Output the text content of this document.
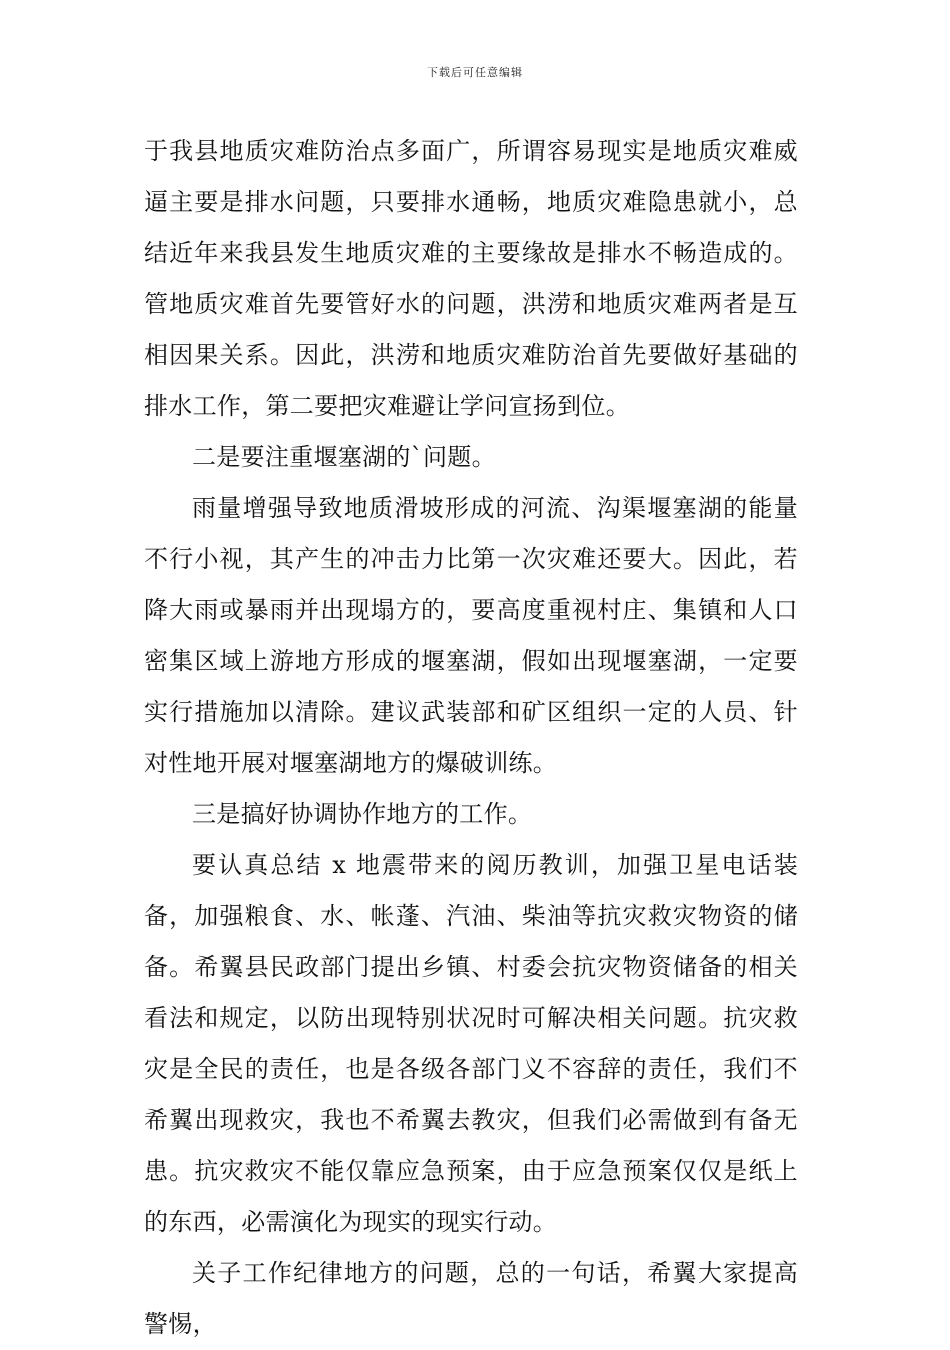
下载后可任意编辑

于我县地质灾难防治点多面广，所谓容易现实是地质灾难威逼主要是排水问题，只要排水通畅，地质灾难隐患就小，总结近年来我县发生地质灾难的主要缘故是排水不畅造成的。管地质灾难首先要管好水的问题，洪涝和地质灾难两者是互相因果关系。因此，洪涝和地质灾难防治首先要做好基础的排水工作，第二要把灾难避让学问宣扬到位。

二是要注重堰塞湖的`问题。

雨量增强导致地质滑坡形成的河流、沟渠堰塞湖的能量不行小视，其产生的冲击力比第一次灾难还要大。因此，若降大雨或暴雨并出现塌方的，要高度重视村庄、集镇和人口密集区域上游地方形成的堰塞湖，假如出现堰塞湖，一定要实行措施加以清除。建议武装部和矿区组织一定的人员、针对性地开展对堰塞湖地方的爆破训练。

三是搞好协调协作地方的工作。

要认真总结 x 地震带来的阅历教训，加强卫星电话装备，加强粮食、水、帐蓬、汽油、柴油等抗灾救灾物资的储备。希翼县民政部门提出乡镇、村委会抗灾物资储备的相关看法和规定，以防出现特别状况时可解决相关问题。抗灾救灾是全民的责任，也是各级各部门义不容辞的责任，我们不希翼出现救灾，我也不希翼去教灾，但我们必需做到有备无患。抗灾救灾不能仅靠应急预案，由于应急预案仅仅是纸上的东西，必需演化为现实的现实行动。

关子工作纪律地方的问题，总的一句话，希翼大家提高警惕，
